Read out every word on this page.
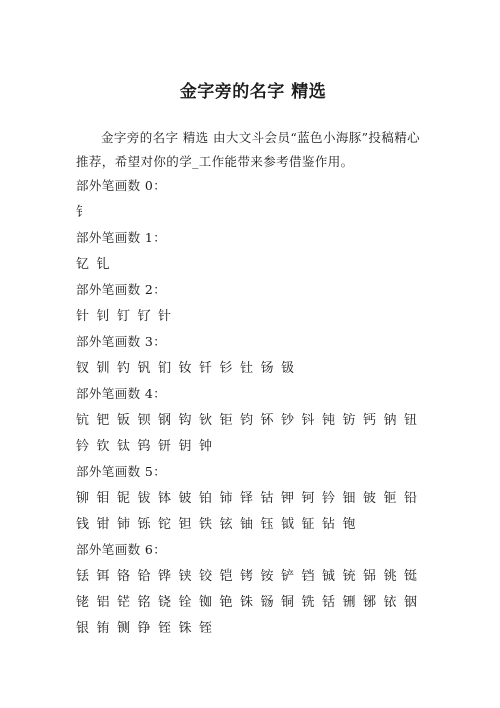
金字旁的名字 精选
金字旁的名字 精选 由大文斗会员“蓝色小海豚”投稿精心推荐，希望对你的学_工作能带来参考借鉴作用。
部外笔画数 0：
钅
部外笔画数 1：
钇 钆
部外笔画数 2：
针 钊 钉 钌 针
部外笔画数 3：
钗 钏 钓 钒 钔 钕 钎 钐 钍 钖 钑
部外笔画数 4：
钪 钯 钣 钡 钢 钩 钬 钜 钧 钚 钞 钭 钝 钫 钙 钠 钮
钤 钦 钛 钨 钘 钥 钟
部外笔画数 5：
铆 钼 铌 钹 钵 铍 铂 铈 铎 钴 钾 钶 钤 钿 铍 钷 铅
钱 钳 铈 铄 铊 钽 铁 铉 铀 钰 钺 钲 钻 铇
部外笔画数 6：
铥 铒 铬 铪 铧 铗 铰 铠 铐 铵 铲 铛 铖 铳 铞 铫 铤
铑 铝 铓 铭 铙 铨 铷 铯 铢 铴 铜 铣 铦 铏 铘 铱 铟
银 铕 铡 铮 铚 铢 铚
